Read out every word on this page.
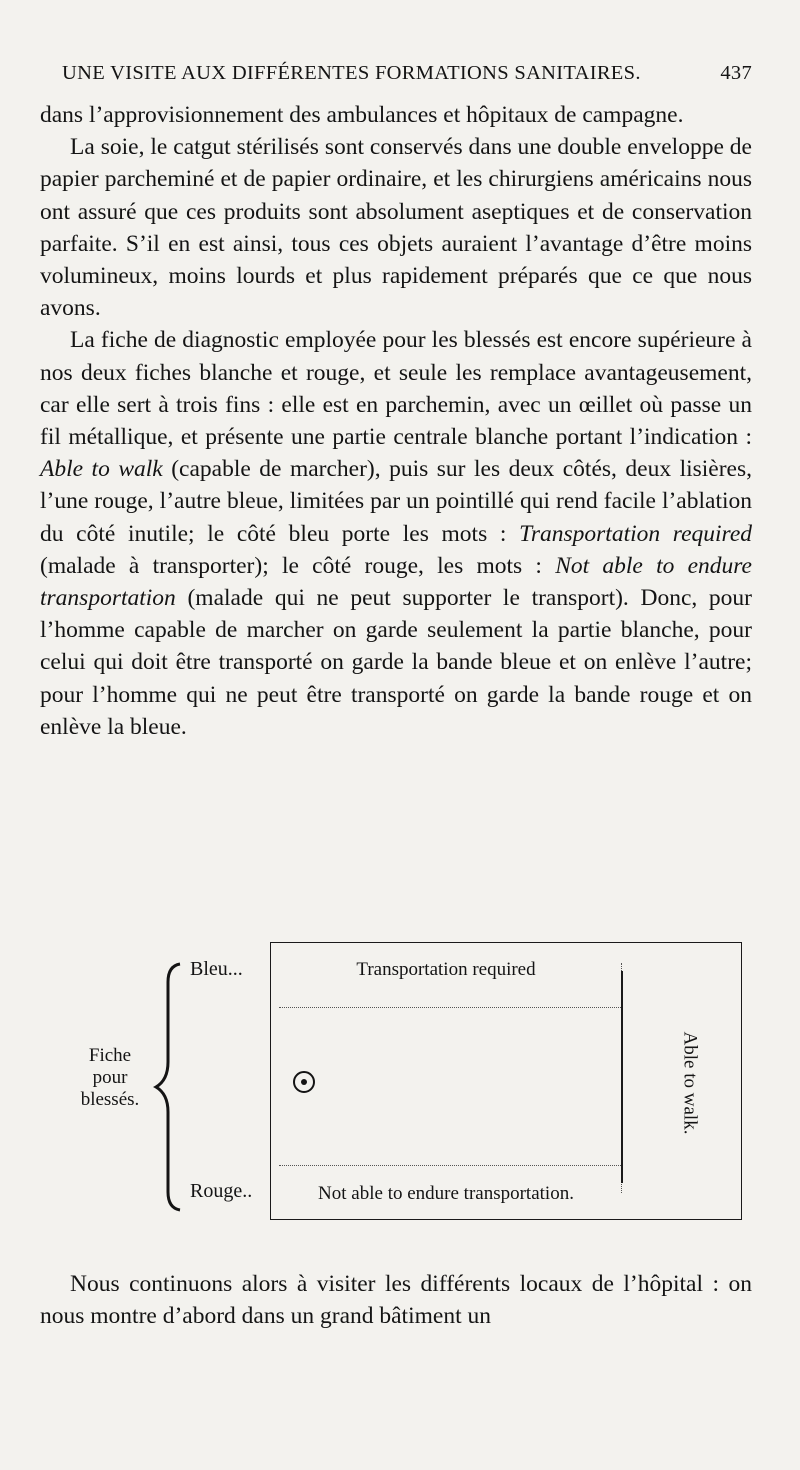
UNE VISITE AUX DIFFÉRENTES FORMATIONS SANITAIRES.	437

dans l’approvisionnement des ambulances et hôpitaux de campagne.

La soie, le catgut stérilisés sont conservés dans une double enveloppe de papier parcheminé et de papier ordinaire, et les chirurgiens américains nous ont assuré que ces produits sont absolument aseptiques et de conservation parfaite. S’il en est ainsi, tous ces objets auraient l’avantage d’être moins volumineux, moins lourds et plus rapidement préparés que ce que nous avons.

La fiche de diagnostic employée pour les blessés est encore supérieure à nos deux fiches blanche et rouge, et seule les remplace avantageusement, car elle sert à trois fins : elle est en parchemin, avec un œillet où passe un fil métallique, et présente une partie centrale blanche portant l’indication : Able to walk (capable de marcher), puis sur les deux côtés, deux lisières, l’une rouge, l’autre bleue, limitées par un pointillé qui rend facile l’ablation du côté inutile; le côté bleu porte les mots : Transportation required (malade à transporter); le côté rouge, les mots : Not able to endure transportation (malade qui ne peut supporter le transport). Donc, pour l’homme capable de marcher on garde seulement la partie blanche, pour celui qui doit être transporté on garde la bande bleue et on enlève l’autre; pour l’homme qui ne peut être transporté on garde la bande rouge et on enlève la bleue.

Fiche
pour
blessés.
Bleu...
Rouge..
Transportation required
Able to walk.
Not able to endure transportation.

Nous continuons alors à visiter les différents locaux de l’hôpital : on nous montre d’abord dans un grand bâtiment un
